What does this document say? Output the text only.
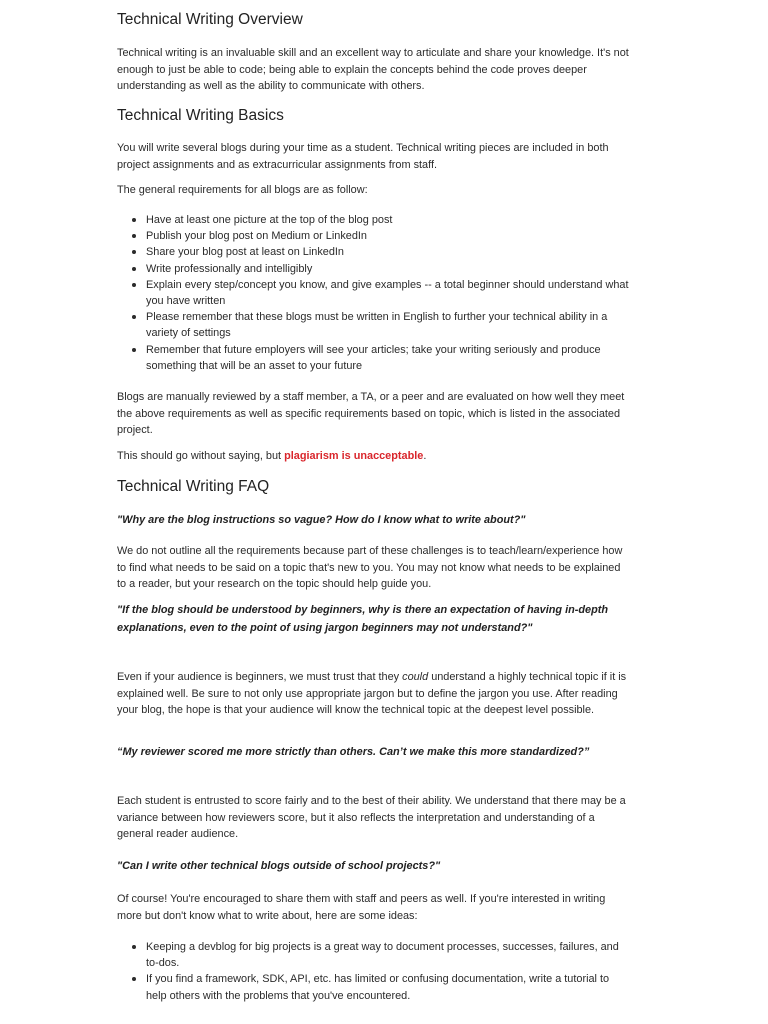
Technical Writing Overview

Technical writing is an invaluable skill and an excellent way to articulate and share your knowledge. It's not enough to just be able to code; being able to explain the concepts behind the code proves deeper understanding as well as the ability to communicate with others.

Technical Writing Basics

You will write several blogs during your time as a student. Technical writing pieces are included in both project assignments and as extracurricular assignments from staff.

The general requirements for all blogs are as follow:

Have at least one picture at the top of the blog post
Publish your blog post on Medium or LinkedIn
Share your blog post at least on LinkedIn
Write professionally and intelligibly
Explain every step/concept you know, and give examples -- a total beginner should understand what you have written
Please remember that these blogs must be written in English to further your technical ability in a variety of settings
Remember that future employers will see your articles; take your writing seriously and produce something that will be an asset to your future

Blogs are manually reviewed by a staff member, a TA, or a peer and are evaluated on how well they meet the above requirements as well as specific requirements based on topic, which is listed in the associated project.

This should go without saying, but plagiarism is unacceptable.

Technical Writing FAQ
"Why are the blog instructions so vague? How do I know what to write about?"

We do not outline all the requirements because part of these challenges is to teach/learn/experience how to find what needs to be said on a topic that's new to you. You may not know what needs to be explained to a reader, but your research on the topic should help guide you.

"If the blog should be understood by beginners, why is there an expectation of having in-depth explanations, even to the point of using jargon beginners may not understand?"

Even if your audience is beginners, we must trust that they could understand a highly technical topic if it is explained well. Be sure to not only use appropriate jargon but to define the jargon you use. After reading your blog, the hope is that your audience will know the technical topic at the deepest level possible.

“My reviewer scored me more strictly than others. Can’t we make this more standardized?”

Each student is entrusted to score fairly and to the best of their ability. We understand that there may be a variance between how reviewers score, but it also reflects the interpretation and understanding of a general reader audience.

"Can I write other technical blogs outside of school projects?"

Of course! You're encouraged to share them with staff and peers as well. If you're interested in writing more but don't know what to write about, here are some ideas:

Keeping a devblog for big projects is a great way to document processes, successes, failures, and to-dos.
If you find a framework, SDK, API, etc. has limited or confusing documentation, write a tutorial to help others with the problems that you've encountered.
